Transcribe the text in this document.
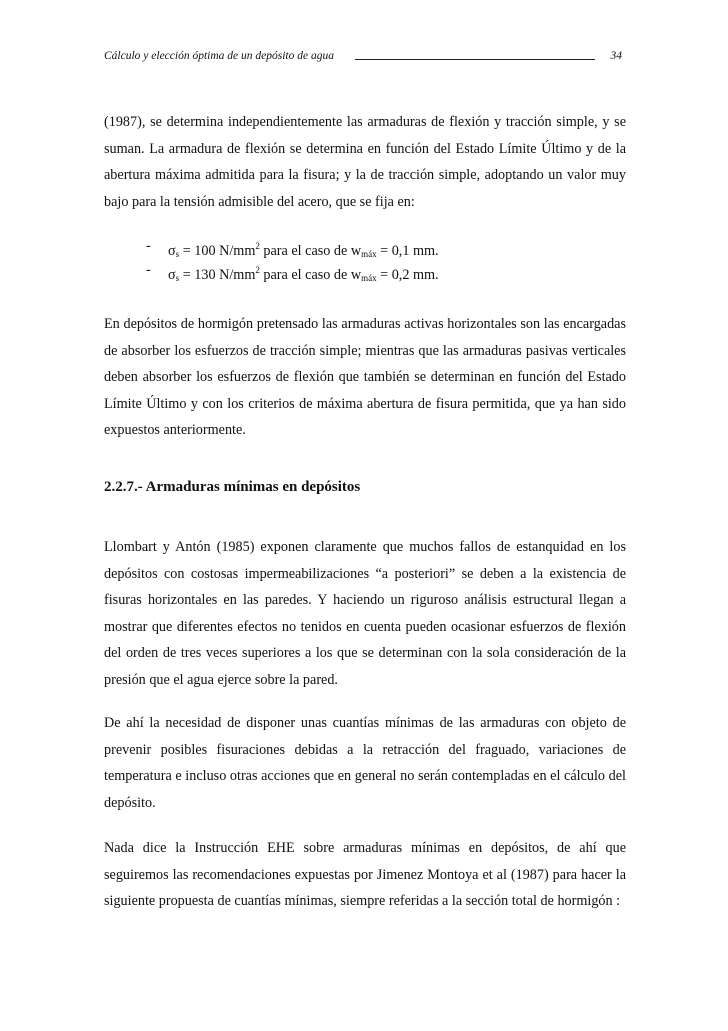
Cálculo y elección óptima de un depósito de agua	34
(1987), se determina independientemente las armaduras de flexión y tracción simple, y se suman. La armadura de flexión se determina en función del Estado Límite Último y de la abertura máxima admitida para la fisura; y la de tracción simple, adoptando un valor muy bajo para la tensión admisible del acero, que se fija en:
- $\sigma_s = 100$ $N/mm^2$ para el caso de $w_{máx} = 0,1$ mm.
- $\sigma_s = 130$ $N/mm^2$ para el caso de $w_{máx} = 0,2$ mm.
En depósitos de hormigón pretensado las armaduras activas horizontales son las encargadas de absorber los esfuerzos de tracción simple; mientras que las armaduras pasivas verticales deben absorber los esfuerzos de flexión que también se determinan en función del Estado Límite Último y con los criterios de máxima abertura de fisura permitida, que ya han sido expuestos anteriormente.
2.2.7.- Armaduras mínimas en depósitos
Llombart y Antón (1985) exponen claramente que muchos fallos de estanquidad en los depósitos con costosas impermeabilizaciones “a posteriori” se deben a la existencia de fisuras horizontales en las paredes. Y haciendo un riguroso análisis estructural llegan a mostrar que diferentes efectos no tenidos en cuenta pueden ocasionar esfuerzos de flexión del orden de tres veces superiores a los que se determinan con la sola consideración de la presión que el agua ejerce sobre la pared.
De ahí la necesidad de disponer unas cuantías mínimas de las armaduras con objeto de prevenir posibles fisuraciones debidas a la retracción del fraguado, variaciones de temperatura e incluso otras acciones que en general no serán contempladas en el cálculo del depósito.
Nada dice la Instrucción EHE sobre armaduras mínimas en depósitos, de ahí que seguiremos las recomendaciones expuestas por Jimenez Montoya et al (1987) para hacer la siguiente propuesta de cuantías mínimas, siempre referidas a la sección total de hormigón :
